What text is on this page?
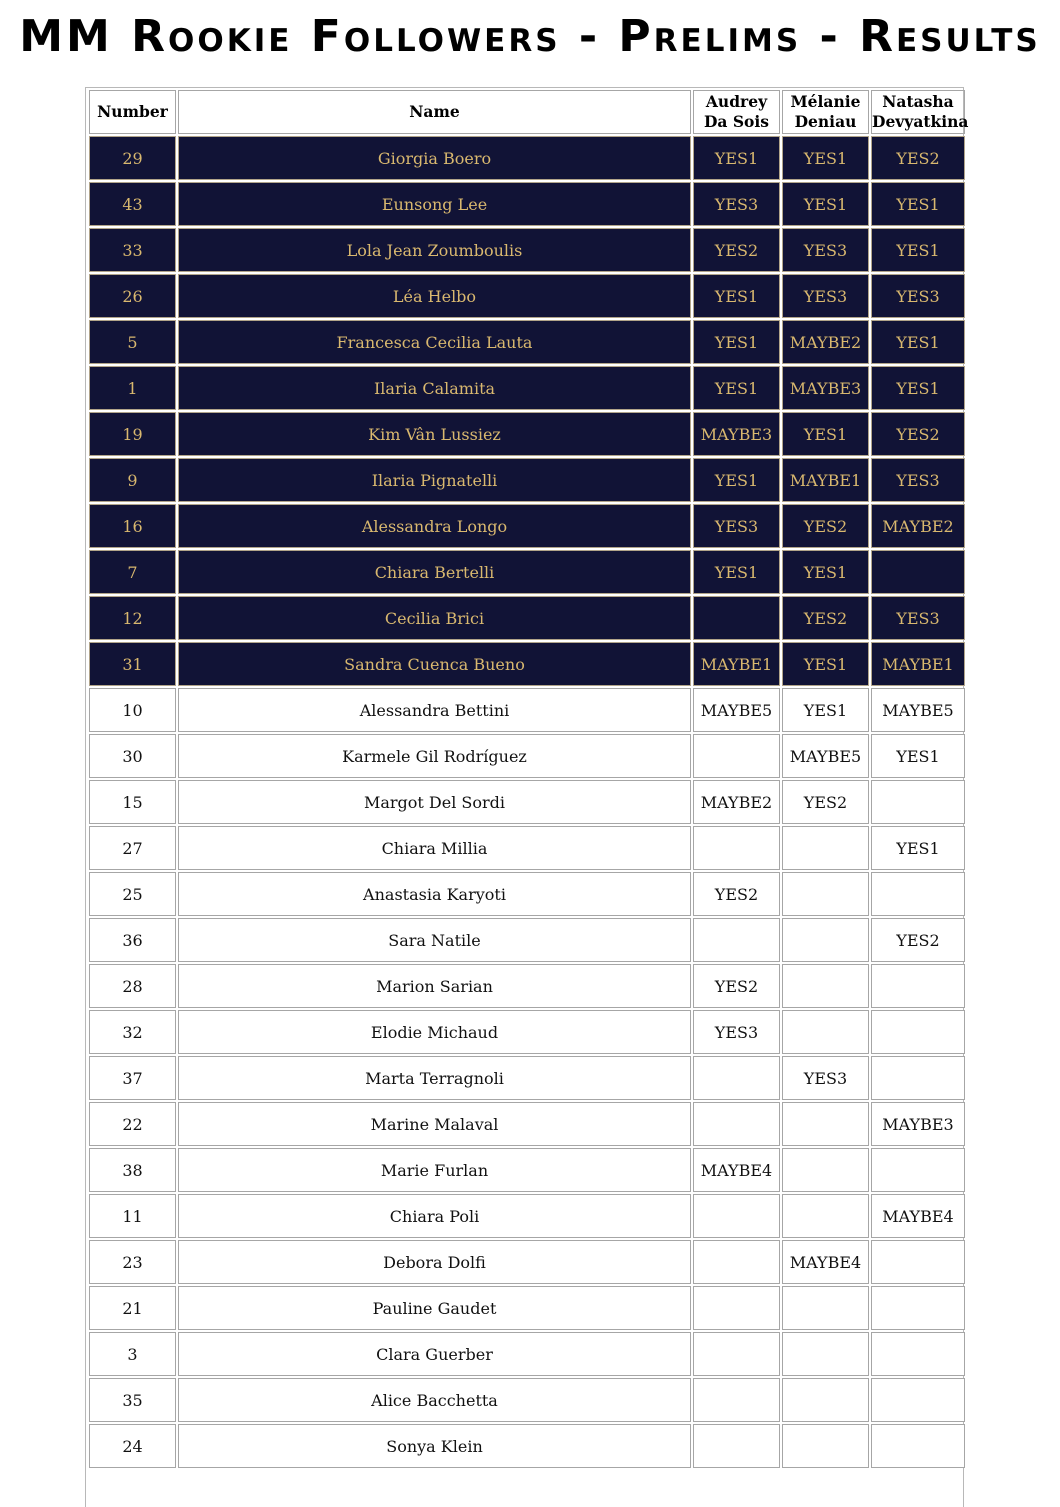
MM Rookie Followers - Prelims - Results
Number	Name	Audrey Da Sois	Mélanie Deniau	Natasha Devyatkina
29	Giorgia Boero	YES1	YES1	YES2
43	Eunsong Lee	YES3	YES1	YES1
33	Lola Jean Zoumboulis	YES2	YES3	YES1
26	Léa Helbo	YES1	YES3	YES3
5	Francesca Cecilia Lauta	YES1	MAYBE2	YES1
1	Ilaria Calamita	YES1	MAYBE3	YES1
19	Kim Vân Lussiez	MAYBE3	YES1	YES2
9	Ilaria Pignatelli	YES1	MAYBE1	YES3
16	Alessandra Longo	YES3	YES2	MAYBE2
7	Chiara Bertelli	YES1	YES1	
12	Cecilia Brici		YES2	YES3
31	Sandra Cuenca Bueno	MAYBE1	YES1	MAYBE1
10	Alessandra Bettini	MAYBE5	YES1	MAYBE5
30	Karmele Gil Rodríguez		MAYBE5	YES1
15	Margot Del Sordi	MAYBE2	YES2	
27	Chiara Millia			YES1
25	Anastasia Karyoti	YES2		
36	Sara Natile			YES2
28	Marion Sarian	YES2		
32	Elodie Michaud	YES3		
37	Marta Terragnoli		YES3	
22	Marine Malaval			MAYBE3
38	Marie Furlan	MAYBE4		
11	Chiara Poli			MAYBE4
23	Debora Dolfi		MAYBE4	
21	Pauline Gaudet			
3	Clara Guerber			
35	Alice Bacchetta			
24	Sonya Klein			
